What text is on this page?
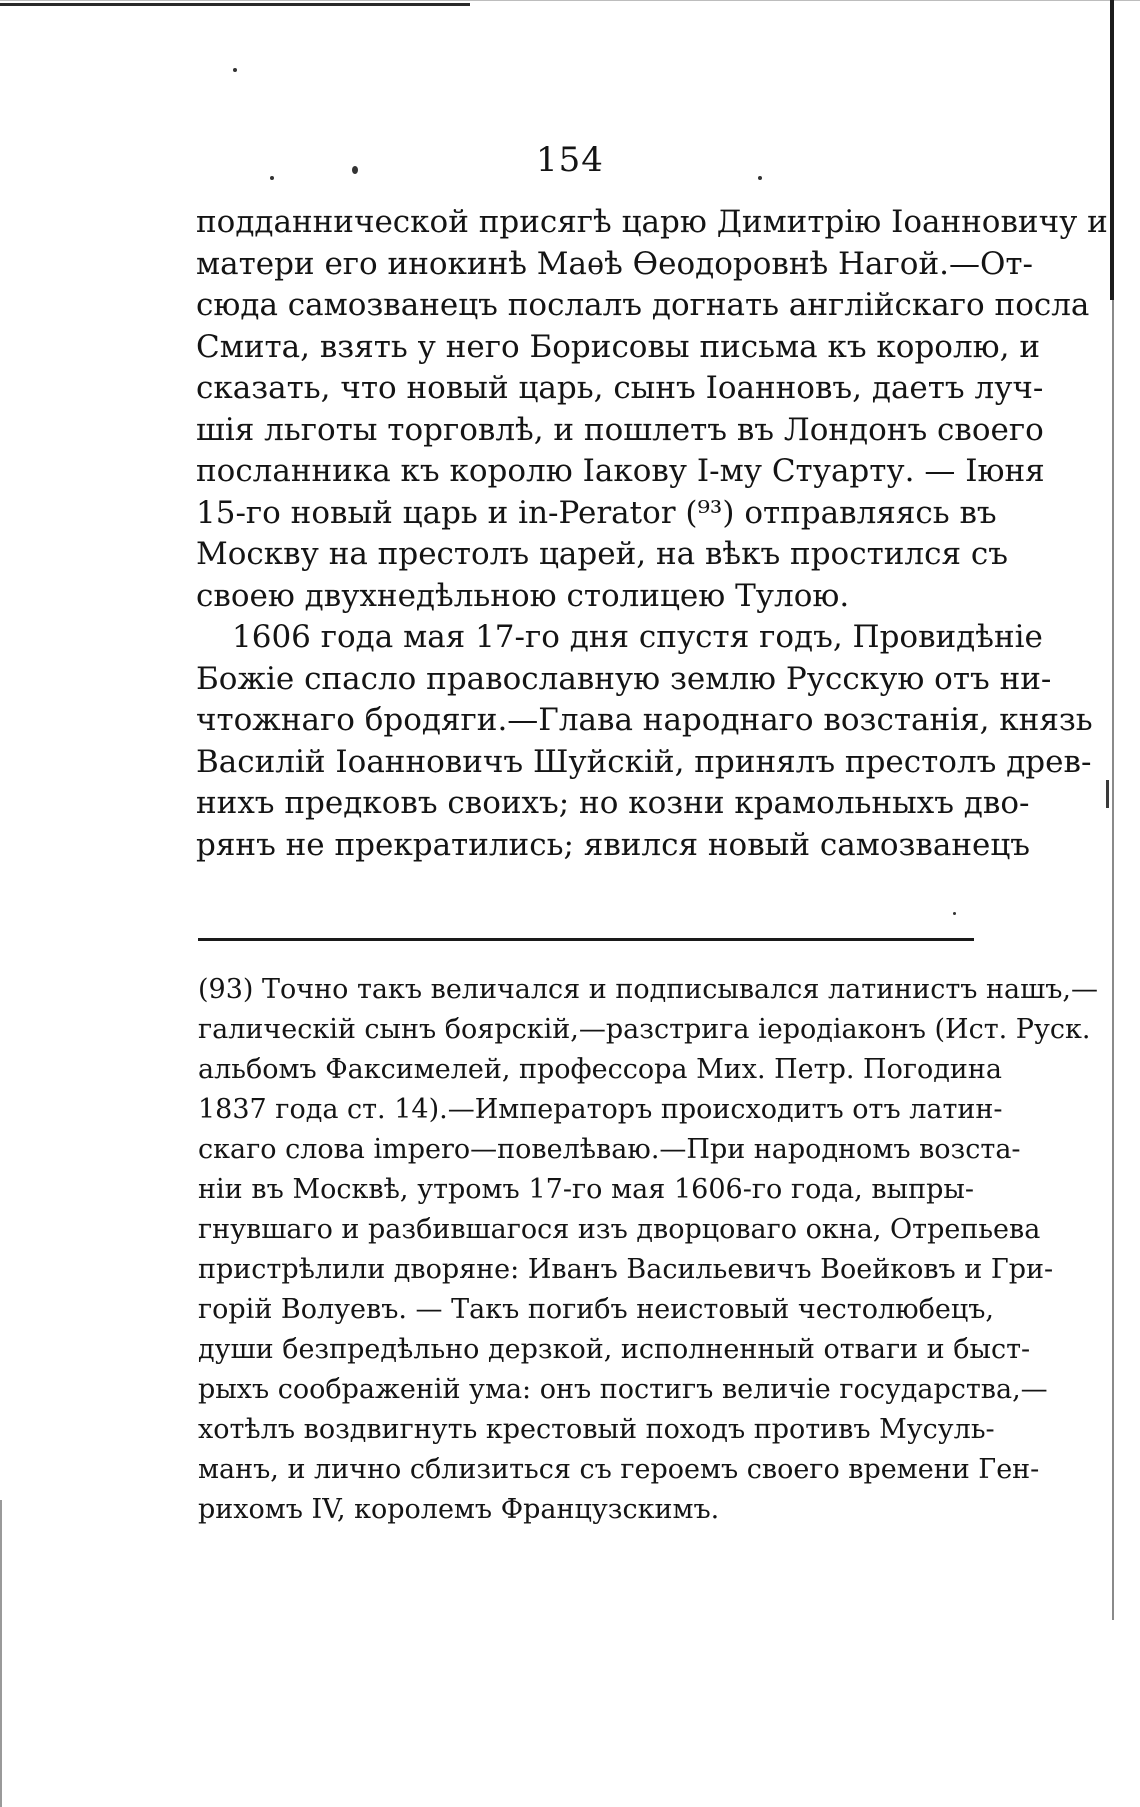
154
подданнической присягѣ царю Димитрію Іоанновичу и
матери его инокинѣ Маѳѣ Ѳеодоровнѣ Нагой.—От-
сюда самозванецъ послалъ догнать англійскаго посла
Смита, взять у него Борисовы письма къ королю, и
сказать, что новый царь, сынъ Іоанновъ, даетъ луч-
шія льготы торговлѣ, и пошлетъ въ Лондонъ своего
посланника къ королю Іакову І-му Стуарту. — Іюня
15-го новый царь и in-Perator (⁹³) отправляясь въ
Москву на престолъ царей, на вѣкъ простился съ
своею двухнедѣльною столицею Тулою.
1606 года мая 17-го дня спустя годъ, Провидѣніе
Божіе спасло православную землю Русскую отъ ни-
чтожнаго бродяги.—Глава народнаго возстанія, князь
Василій Іоанновичъ Шуйскій, принялъ престолъ древ-
нихъ предковъ своихъ; но козни крамольныхъ дво-
рянъ не прекратились; явился новый самозванецъ
(93) Точно такъ величался и подписывался латинистъ нашъ,—
галическій сынъ боярскій,—разстрига іеродіаконъ (Ист. Руск.
альбомъ Факсимелей, профессора Мих. Петр. Погодина
1837 года ст. 14).—Императоръ происходитъ отъ латин-
скаго слова impero—повелѣваю.—При народномъ возста-
ніи въ Москвѣ, утромъ 17-го мая 1606-го года, выпры-
гнувшаго и разбившагося изъ дворцоваго окна, Отрепьева
пристрѣлили дворяне: Иванъ Васильевичъ Воейковъ и Гри-
горій Волуевъ. — Такъ погибъ неистовый честолюбецъ,
души безпредѣльно дерзкой, исполненный отваги и быст-
рыхъ соображеній ума: онъ постигъ величіе государства,—
хотѣлъ воздвигнуть крестовый походъ противъ Мусуль-
манъ, и лично сблизиться съ героемъ своего времени Ген-
рихомъ IV, королемъ Французскимъ.
